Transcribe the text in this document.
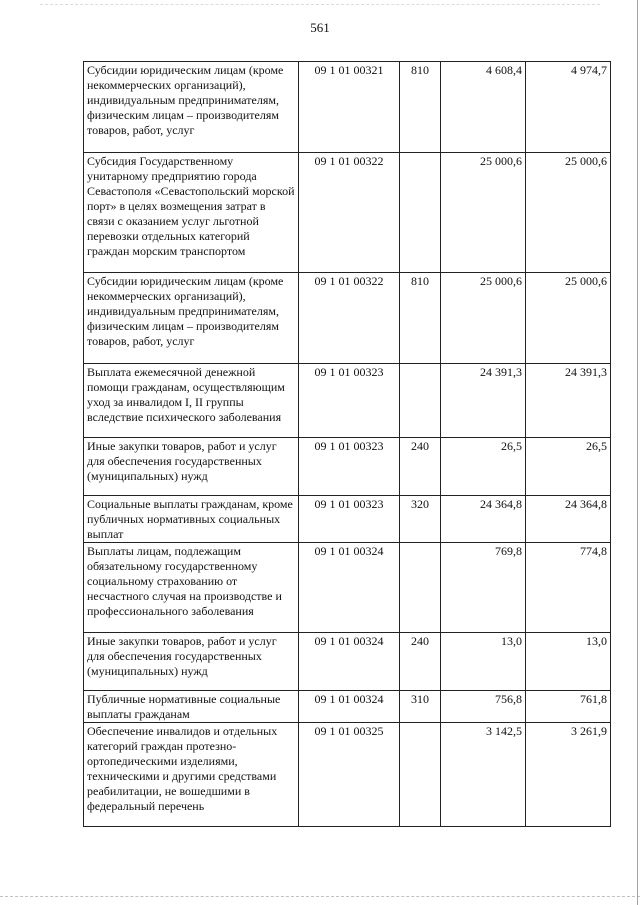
561
Субсидии юридическим лицам (кроме некоммерческих организаций), индивидуальным предпринимателям, физическим лицам – производителям товаров, работ, услуг	09 1 01 00321	810	4 608,4	4 974,7
Субсидия Государственному унитарному предприятию города Севастополя «Севастопольский морской порт» в целях возмещения затрат в связи с оказанием услуг льготной перевозки отдельных категорий граждан морским транспортом	09 1 01 00322		25 000,6	25 000,6
Субсидии юридическим лицам (кроме некоммерческих организаций), индивидуальным предпринимателям, физическим лицам – производителям товаров, работ, услуг	09 1 01 00322	810	25 000,6	25 000,6
Выплата ежемесячной денежной помощи гражданам, осуществляющим уход за инвалидом I, II группы вследствие психического заболевания	09 1 01 00323		24 391,3	24 391,3
Иные закупки товаров, работ и услуг для обеспечения государственных (муниципальных) нужд	09 1 01 00323	240	26,5	26,5
Социальные выплаты гражданам, кроме публичных нормативных социальных выплат	09 1 01 00323	320	24 364,8	24 364,8
Выплаты лицам, подлежащим обязательному государственному социальному страхованию от несчастного случая на производстве и профессионального заболевания	09 1 01 00324		769,8	774,8
Иные закупки товаров, работ и услуг для обеспечения государственных (муниципальных) нужд	09 1 01 00324	240	13,0	13,0
Публичные нормативные социальные выплаты гражданам	09 1 01 00324	310	756,8	761,8
Обеспечение инвалидов и отдельных категорий граждан протезно-ортопедическими изделиями, техническими и другими средствами реабилитации, не вошедшими в федеральный перечень	09 1 01 00325		3 142,5	3 261,9
